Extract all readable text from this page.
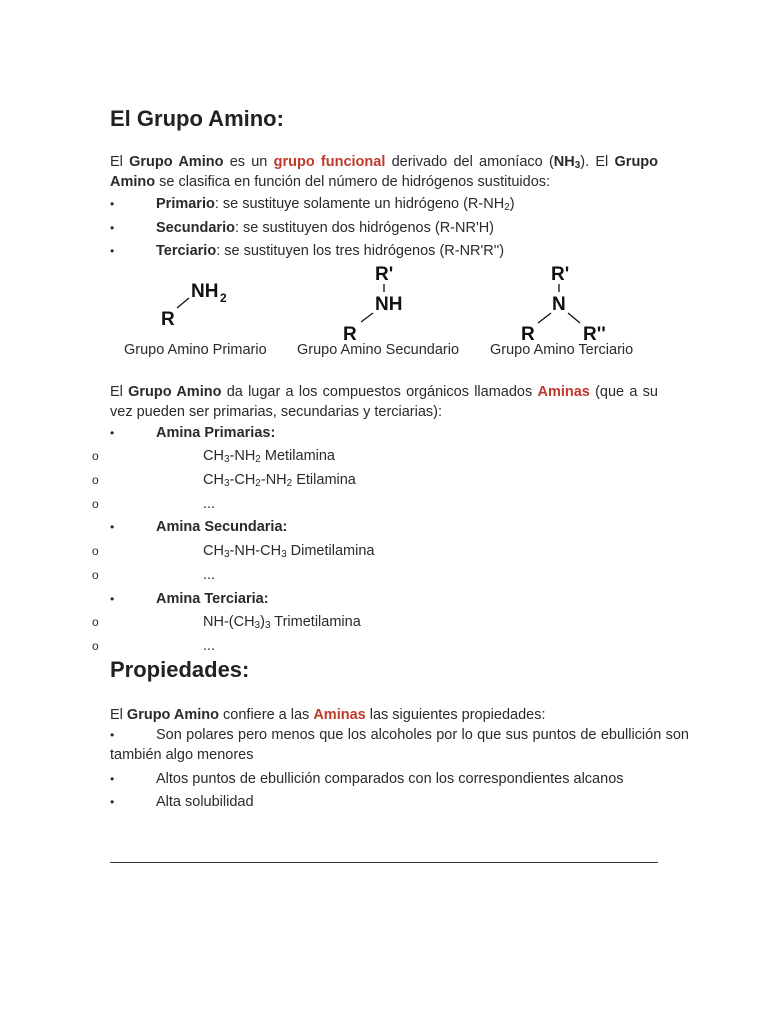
El Grupo Amino:
El Grupo Amino es un grupo funcional derivado del amoníaco $(NH_3)$. El Grupo Amino se clasifica en función del número de hidrógenos sustituidos:
•	Primario: se sustituye solamente un hidrógeno $(R-NH_2)$
•	Secundario: se sustituyen dos hidrógenos (R-NR'H)
•	Terciario: se sustituyen los tres hidrógenos (R-NR'R'')
NH 2
R
R'
NH
R
R'
N
R	R''
Grupo Amino Primario Grupo Amino Secundario Grupo Amino Terciario
El Grupo Amino da lugar a los compuestos orgánicos llamados Aminas (que a su vez pueden ser primarias, secundarias y terciarias):
•	Amina Primarias:
o	$CH_3-NH_2$ Metilamina
o	$CH_3-CH_2-NH_2$ Etilamina
o	...
•	Amina Secundaria:
o	$CH_3-NH-CH_3$ Dimetilamina
o	...
•	Amina Terciaria:
o	$NH-(CH_3)_3$ Trimetilamina
o	...
Propiedades:
El Grupo Amino confiere a las Aminas las siguientes propiedades:
•	Son polares pero menos que los alcoholes por lo que sus puntos de ebullición son también algo menores
•	Altos puntos de ebullición comparados con los correspondientes alcanos
•	Alta solubilidad
